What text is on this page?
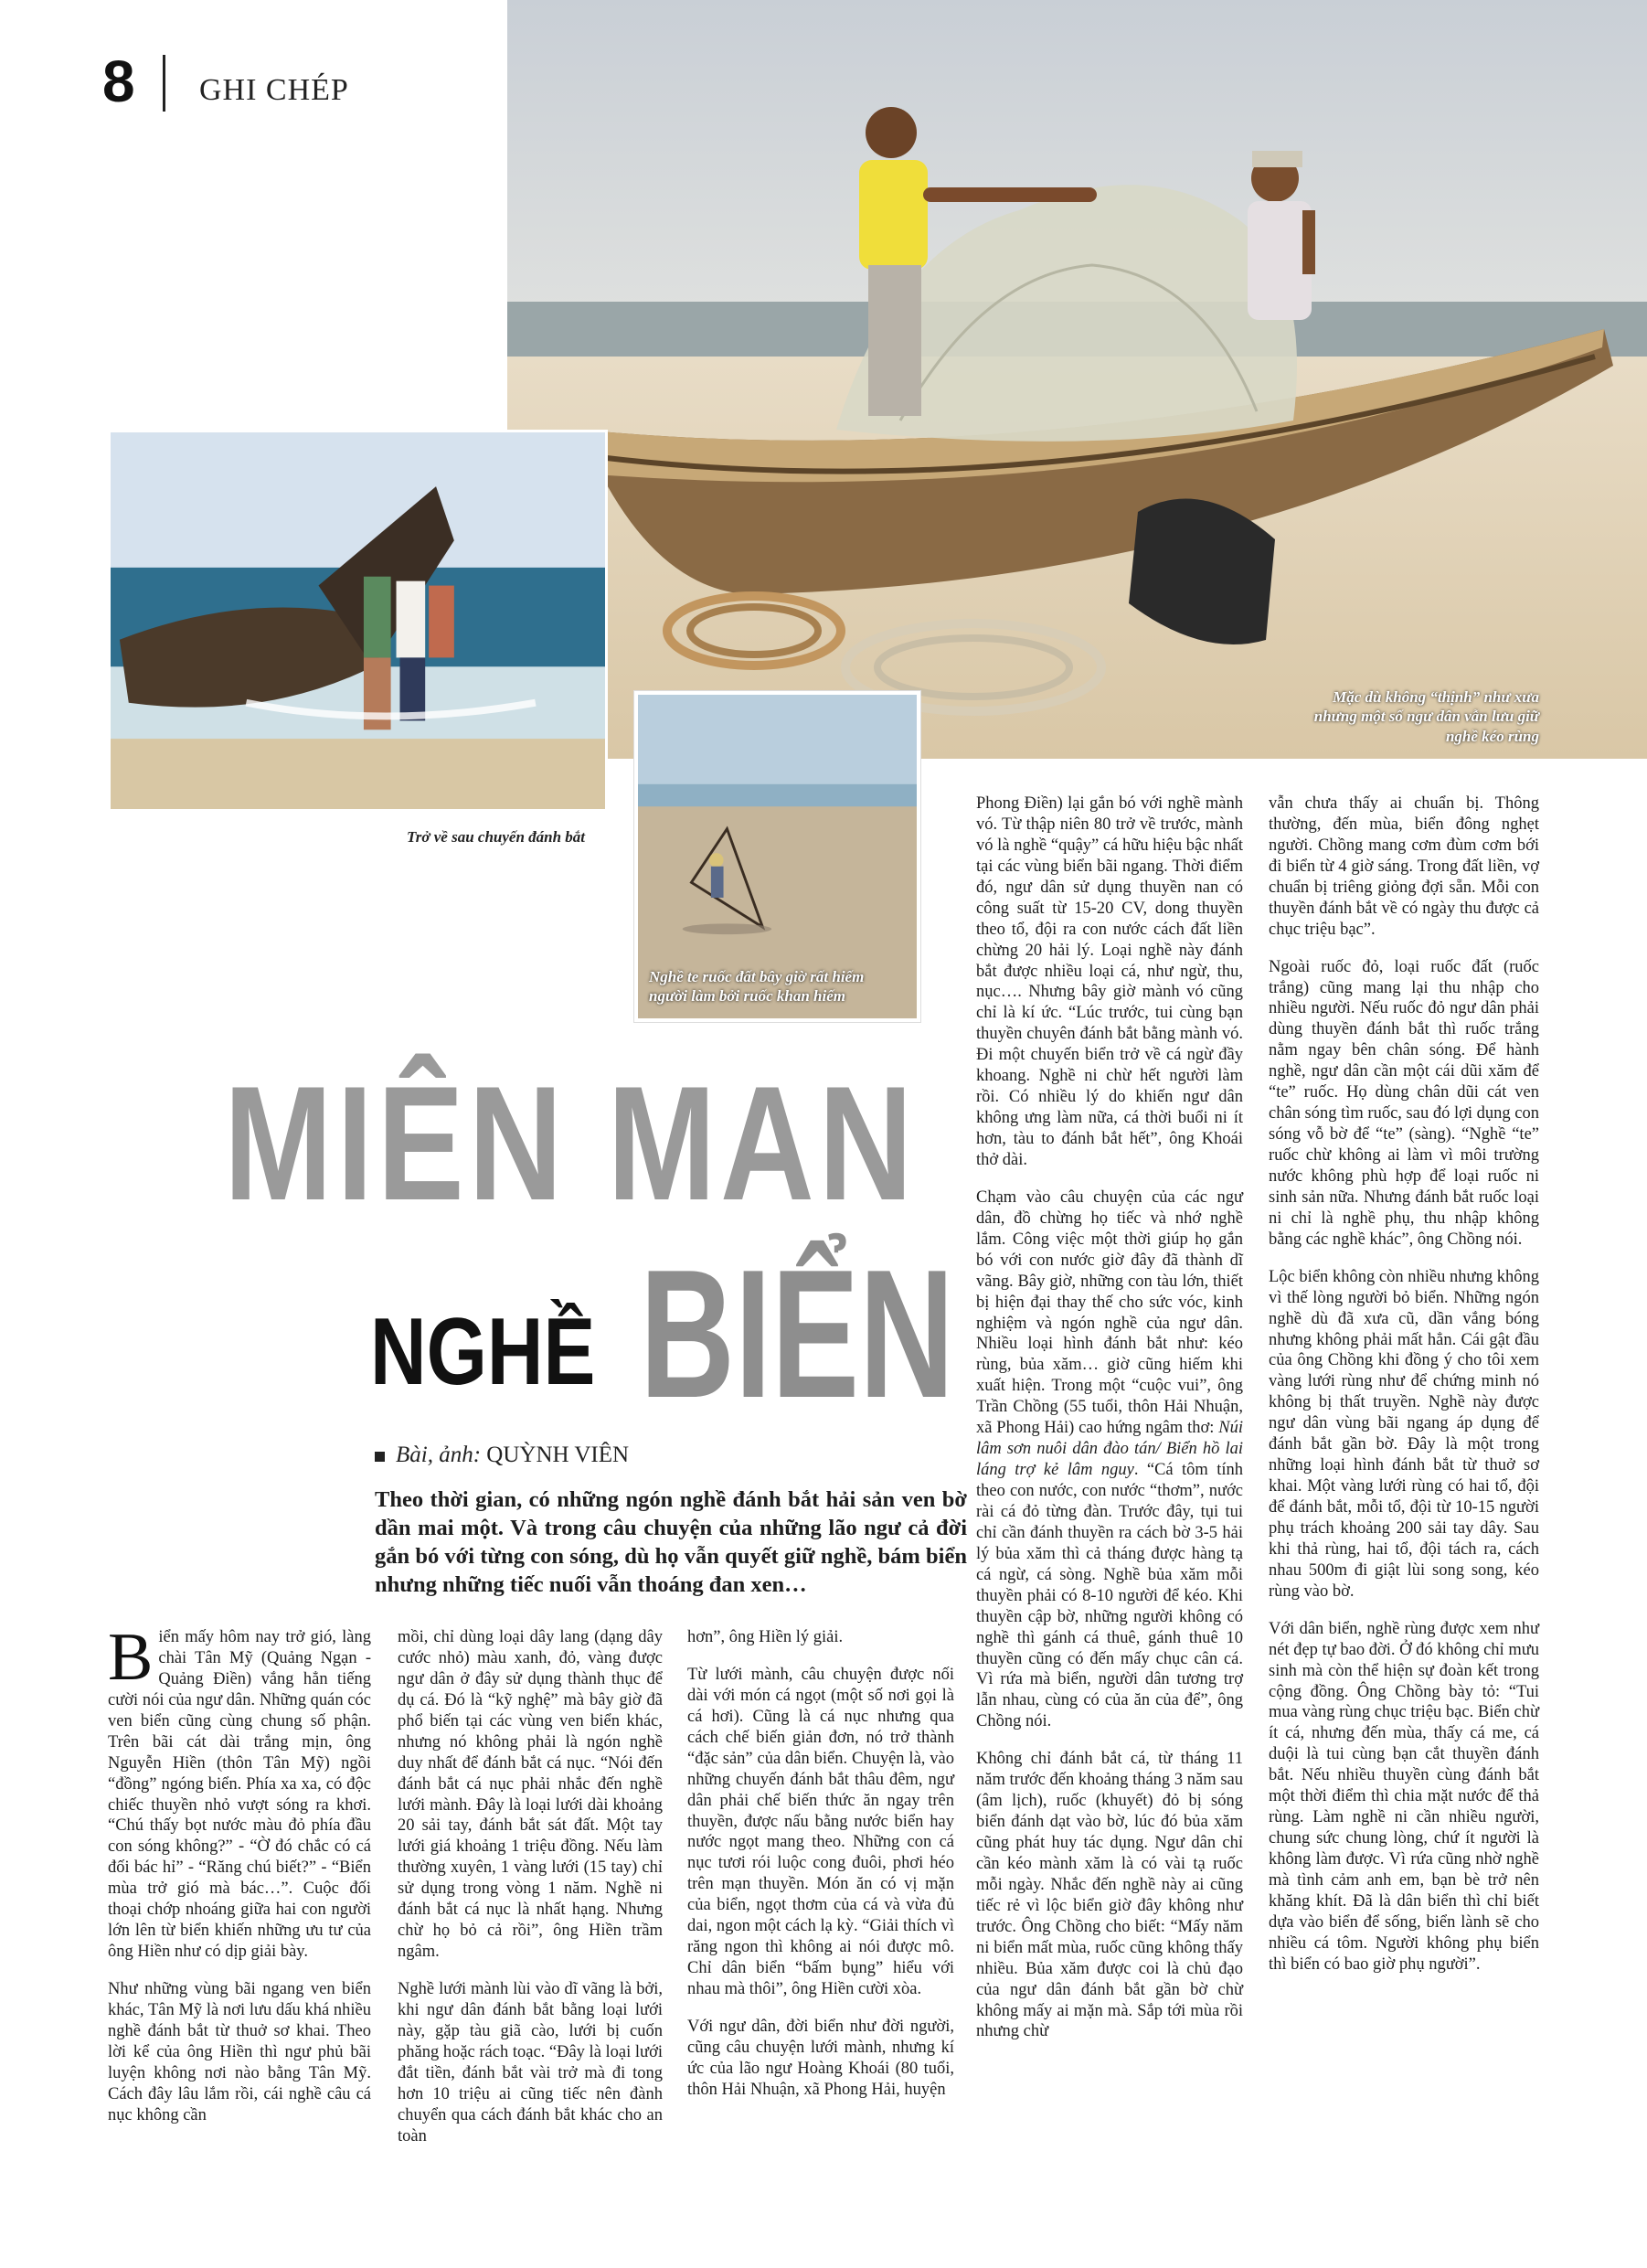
8 GHI CHÉP
Mặc dù không “thịnh” như xưa nhưng một số ngư dân vẫn lưu giữ nghề kéo rùng
Trở về sau chuyến đánh bắt
Nghề te ruốc đất bây giờ rất hiếm người làm bởi ruốc khan hiếm
MIÊN MAN
NGHỀ BIỂN
Bài, ảnh: QUỲNH VIÊN
Theo thời gian, có những ngón nghề đánh bắt hải sản ven bờ dần mai một. Và trong câu chuyện của những lão ngư cả đời gắn bó với từng con sóng, dù họ vẫn quyết giữ nghề, bám biển nhưng những tiếc nuối vẫn thoáng đan xen…

Biển mấy hôm nay trở gió, làng chài Tân Mỹ (Quảng Ngạn - Quảng Điền) vắng hẳn tiếng cười nói của ngư dân. Những quán cóc ven biển cũng cùng chung số phận. Trên bãi cát dài trắng mịn, ông Nguyễn Hiền (thôn Tân Mỹ) ngồi “đồng” ngóng biển. Phía xa xa, có độc chiếc thuyền nhỏ vượt sóng ra khơi. “Chú thấy bọt nước màu đỏ phía đầu con sóng không?” - “Ờ đó chắc có cá đối bác hỉ” - “Răng chú biết?” - “Biển mùa trở gió mà bác…”. Cuộc đối thoại chớp nhoáng giữa hai con người lớn lên từ biển khiến những ưu tư của ông Hiền như có dịp giải bày.

Như những vùng bãi ngang ven biển khác, Tân Mỹ là nơi lưu dấu khá nhiều nghề đánh bắt từ thuở sơ khai. Theo lời kể của ông Hiền thì ngư phủ bãi luyện không nơi nào bằng Tân Mỹ. Cách đây lâu lắm rồi, cái nghề câu cá nục không cần

mồi, chỉ dùng loại dây lang (dạng dây cước nhỏ) màu xanh, đỏ, vàng được ngư dân ở đây sử dụng thành thục để dụ cá. Đó là “kỹ nghệ” mà bây giờ đã phổ biến tại các vùng ven biển khác, nhưng nó không phải là ngón nghề duy nhất để đánh bắt cá nục. “Nói đến đánh bắt cá nục phải nhắc đến nghề lưới mành. Đây là loại lưới dài khoảng 20 sải tay, đánh bắt sát đất. Một tay lưới giá khoảng 1 triệu đồng. Nếu làm thường xuyên, 1 vàng lưới (15 tay) chỉ sử dụng trong vòng 1 năm. Nghề ni đánh bắt cá nục là nhất hạng. Nhưng chừ họ bỏ cả rồi”, ông Hiền trầm ngâm.

Nghề lưới mành lùi vào dĩ vãng là bởi, khi ngư dân đánh bắt bằng loại lưới này, gặp tàu giã cào, lưới bị cuốn phăng hoặc rách toạc. “Đây là loại lưới đắt tiền, đánh bắt vài trở mà đi tong hơn 10 triệu ai cũng tiếc nên đành chuyển qua cách đánh bắt khác cho an toàn

hơn”, ông Hiền lý giải.

Từ lưới mành, câu chuyện được nối dài với món cá ngọt (một số nơi gọi là cá hơi). Cũng là cá nục nhưng qua cách chế biến giản đơn, nó trở thành “đặc sản” của dân biển. Chuyện là, vào những chuyến đánh bắt thâu đêm, ngư dân phải chế biến thức ăn ngay trên thuyền, được nấu bằng nước biển hay nước ngọt mang theo. Những con cá nục tươi rói luộc cong đuôi, phơi héo trên mạn thuyền. Món ăn có vị mặn của biển, ngọt thơm của cá và vừa đủ dai, ngon một cách lạ kỳ. “Giải thích vì răng ngon thì không ai nói được mô. Chỉ dân biển “bấm bụng” hiểu với nhau mà thôi”, ông Hiền cười xòa.

Với ngư dân, đời biển như đời người, cũng câu chuyện lưới mành, nhưng kí ức của lão ngư Hoàng Khoái (80 tuổi, thôn Hải Nhuận, xã Phong Hải, huyện

Phong Điền) lại gắn bó với nghề mành vó. Từ thập niên 80 trở về trước, mành vó là nghề “quậy” cá hữu hiệu bậc nhất tại các vùng biển bãi ngang. Thời điểm đó, ngư dân sử dụng thuyền nan có công suất từ 15-20 CV, dong thuyền theo tổ, đội ra con nước cách đất liền chừng 20 hải lý. Loại nghề này đánh bắt được nhiều loại cá, như ngừ, thu, nục…. Nhưng bây giờ mành vó cũng chỉ là kí ức. “Lúc trước, tui cùng bạn thuyền chuyên đánh bắt bằng mành vó. Đi một chuyến biển trở về cá ngừ đầy khoang. Nghề ni chừ hết người làm rồi. Có nhiều lý do khiến ngư dân không ưng làm nữa, cá thời buổi ni ít hơn, tàu to đánh bắt hết”, ông Khoái thở dài.

Chạm vào câu chuyện của các ngư dân, đồ chừng họ tiếc và nhớ nghề lắm. Công việc một thời giúp họ gắn bó với con nước giờ đây đã thành dĩ vãng. Bây giờ, những con tàu lớn, thiết bị hiện đại thay thế cho sức vóc, kinh nghiệm và ngón nghề của ngư dân. Nhiều loại hình đánh bắt như: kéo rùng, bủa xăm… giờ cũng hiếm khi xuất hiện. Trong một “cuộc vui”, ông Trần Chồng (55 tuổi, thôn Hải Nhuận, xã Phong Hải) cao hứng ngâm thơ: Núi lâm sơn nuôi dân đào tán/ Biển hồ lai láng trợ kẻ lâm nguy. “Cá tôm tính theo con nước, con nước “thơm”, nước rài cá đỏ từng đàn. Trước đây, tụi tui chỉ cần đánh thuyền ra cách bờ 3-5 hải lý bủa xăm thì cả tháng được hàng tạ cá ngừ, cá sòng. Nghề bủa xăm mỗi thuyền phải có 8-10 người để kéo. Khi thuyền cập bờ, những người không có nghề thì gánh cá thuê, gánh thuê 10 thuyền cũng có đến mấy chục cân cá. Vì rứa mà biển, người dân tương trợ lẫn nhau, cùng có của ăn của để”, ông Chồng nói.

Không chỉ đánh bắt cá, từ tháng 11 năm trước đến khoảng tháng 3 năm sau (âm lịch), ruốc (khuyết) đỏ bị sóng biển đánh dạt vào bờ, lúc đó bủa xăm cũng phát huy tác dụng. Ngư dân chỉ cần kéo mành xăm là có vài tạ ruốc mỗi ngày. Nhắc đến nghề này ai cũng tiếc rẻ vì lộc biển giờ đây không như trước. Ông Chồng cho biết: “Mấy năm ni biển mất mùa, ruốc cũng không thấy nhiều. Bủa xăm được coi là chủ đạo của ngư dân đánh bắt gần bờ chừ không mấy ai mặn mà. Sắp tới mùa rồi nhưng chừ

vẫn chưa thấy ai chuẩn bị. Thông thường, đến mùa, biển đông nghẹt người. Chồng mang cơm đùm cơm bới đi biển từ 4 giờ sáng. Trong đất liền, vợ chuẩn bị triêng giỏng đợi sẵn. Mỗi con thuyền đánh bắt về có ngày thu được cả chục triệu bạc”.

Ngoài ruốc đỏ, loại ruốc đất (ruốc trắng) cũng mang lại thu nhập cho nhiều người. Nếu ruốc đỏ ngư dân phải dùng thuyền đánh bắt thì ruốc trắng nằm ngay bên chân sóng. Để hành nghề, ngư dân cần một cái dũi xăm để “te” ruốc. Họ dùng chân dũi cát ven chân sóng tìm ruốc, sau đó lợi dụng con sóng vỗ bờ để “te” (sàng). “Nghề “te” ruốc chừ không ai làm vì môi trường nước không phù hợp để loại ruốc ni sinh sản nữa. Nhưng đánh bắt ruốc loại ni chỉ là nghề phụ, thu nhập không bằng các nghề khác”, ông Chồng nói.

Lộc biển không còn nhiều nhưng không vì thế lòng người bỏ biển. Những ngón nghề dù đã xưa cũ, dần vắng bóng nhưng không phải mất hẳn. Cái gật đầu của ông Chồng khi đồng ý cho tôi xem vàng lưới rùng như để chứng minh nó không bị thất truyền. Nghề này được ngư dân vùng bãi ngang áp dụng để đánh bắt gần bờ. Đây là một trong những loại hình đánh bắt từ thuở sơ khai. Một vàng lưới rùng có hai tổ, đội để đánh bắt, mỗi tổ, đội từ 10-15 người phụ trách khoảng 200 sải tay dây. Sau khi thả rùng, hai tổ, đội tách ra, cách nhau 500m đi giật lùi song song, kéo rùng vào bờ.

Với dân biển, nghề rùng được xem như nét đẹp tự bao đời. Ở đó không chỉ mưu sinh mà còn thể hiện sự đoàn kết trong cộng đồng. Ông Chồng bày tỏ: “Tui mua vàng rùng chục triệu bạc. Biển chừ ít cá, nhưng đến mùa, thấy cá me, cá duội là tui cùng bạn cắt thuyền đánh bắt. Nếu nhiều thuyền cùng đánh bắt một thời điểm thì chia mặt nước để thả rùng. Làm nghề ni cần nhiều người, chung sức chung lòng, chứ ít người là không làm được. Vì rứa cũng nhờ nghề mà tình cảm anh em, bạn bè trở nên khăng khít. Đã là dân biển thì chỉ biết dựa vào biển để sống, biển lành sẽ cho nhiều cá tôm. Người không phụ biển thì biển có bao giờ phụ người”.
